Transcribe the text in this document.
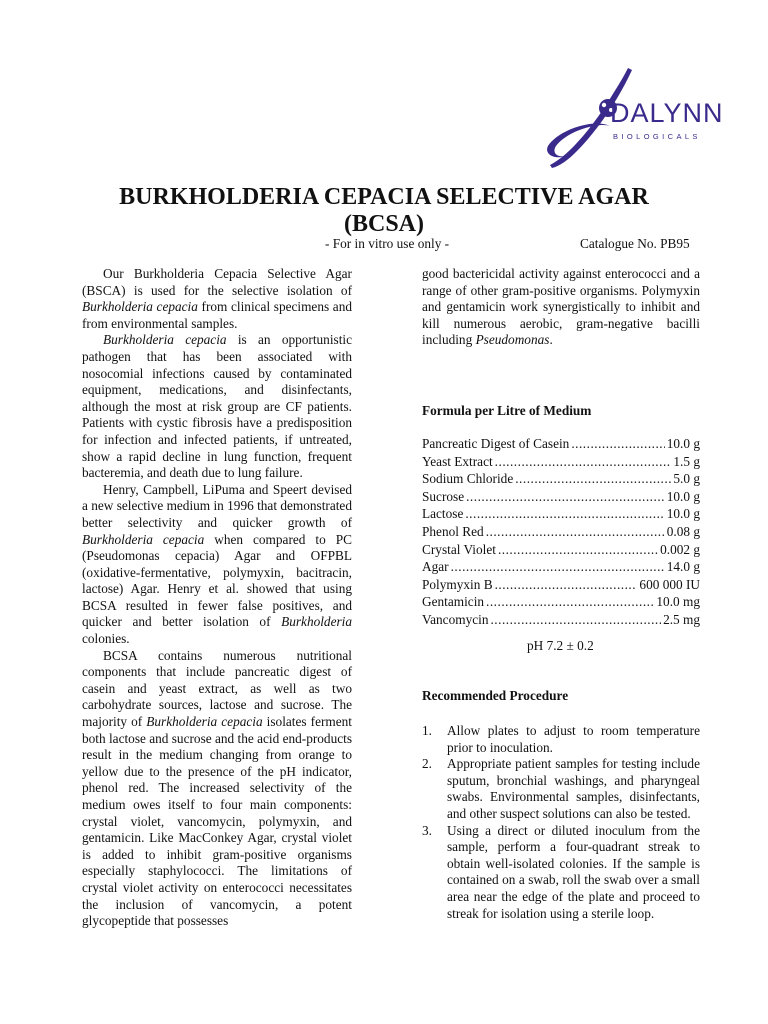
DALYNN
BIOLOGICALS
BURKHOLDERIA CEPACIA SELECTIVE AGAR
(BCSA)
- For in vitro use only -	Catalogue No. PB95

Our Burkholderia Cepacia Selective Agar (BSCA) is used for the selective isolation of Burkholderia cepacia from clinical specimens and from environmental samples.

Burkholderia cepacia is an opportunistic pathogen that has been associated with nosocomial infections caused by contaminated equipment, medications, and disinfectants, although the most at risk group are CF patients. Patients with cystic fibrosis have a predisposition for infection and infected patients, if untreated, show a rapid decline in lung function, frequent bacteremia, and death due to lung failure.

Henry, Campbell, LiPuma and Speert devised a new selective medium in 1996 that demonstrated better selectivity and quicker growth of Burkholderia cepacia when compared to PC (Pseudomonas cepacia) Agar and OFPBL (oxidative-fermentative, polymyxin, bacitracin, lactose) Agar. Henry et al. showed that using BCSA resulted in fewer false positives, and quicker and better isolation of Burkholderia colonies.

BCSA contains numerous nutritional components that include pancreatic digest of casein and yeast extract, as well as two carbohydrate sources, lactose and sucrose. The majority of Burkholderia cepacia isolates ferment both lactose and sucrose and the acid end-products result in the medium changing from orange to yellow due to the presence of the pH indicator, phenol red. The increased selectivity of the medium owes itself to four main components: crystal violet, vancomycin, polymyxin, and gentamicin. Like MacConkey Agar, crystal violet is added to inhibit gram-positive organisms especially staphylococci. The limitations of crystal violet activity on enterococci necessitates the inclusion of vancomycin, a potent glycopeptide that possesses

good bactericidal activity against enterococci and a range of other gram-positive organisms. Polymyxin and gentamicin work synergistically to inhibit and kill numerous aerobic, gram-negative bacilli including Pseudomonas.

Formula per Litre of Medium
Pancreatic Digest of Casein .....	10.0 g
Yeast Extract .....	1.5 g
Sodium Chloride .....	5.0 g
Sucrose .....	10.0 g
Lactose .....	10.0 g
Phenol Red .....	0.08 g
Crystal Violet .....	0.002 g
Agar .....	14.0 g
Polymyxin B .....	600 000 IU
Gentamicin .....	10.0 mg
Vancomycin .....	2.5 mg
pH 7.2 ± 0.2
Recommended Procedure
1. Allow plates to adjust to room temperature prior to inoculation.
2. Appropriate patient samples for testing include sputum, bronchial washings, and pharyngeal swabs. Environmental samples, disinfectants, and other suspect solutions can also be tested.
3. Using a direct or diluted inoculum from the sample, perform a four-quadrant streak to obtain well-isolated colonies. If the sample is contained on a swab, roll the swab over a small area near the edge of the plate and proceed to streak for isolation using a sterile loop.
